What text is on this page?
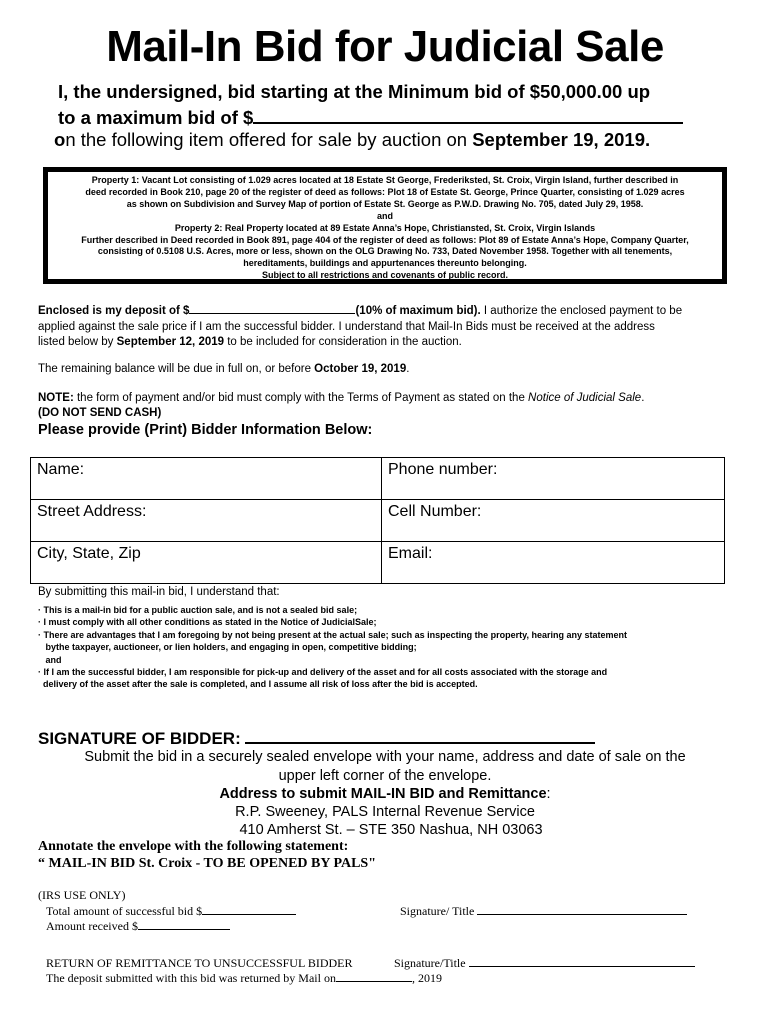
Mail-In Bid for Judicial Sale
I, the undersigned, bid starting at the Minimum bid of $50,000.00 up
to a maximum bid of $
on the following item offered for sale by auction on September 19, 2019.
Property 1: Vacant Lot consisting of 1.029 acres located at 18 Estate St George, Frederiksted, St. Croix, Virgin Island, further described in
deed recorded in Book 210, page 20 of the register of deed as follows: Plot 18 of Estate St. George, Prince Quarter, consisting of 1.029 acres
as shown on Subdivision and Survey Map of portion of Estate St. George as P.W.D. Drawing No. 705, dated July 29, 1958.
and
Property 2: Real Property located at 89 Estate Anna’s Hope, Christiansted, St. Croix, Virgin Islands
Further described in Deed recorded in Book 891, page 404 of the register of deed as follows: Plot 89 of Estate Anna’s Hope, Company Quarter,
consisting of 0.5108 U.S. Acres, more or less, shown on the OLG Drawing No. 733, Dated November 1958. Together with all tenements,
hereditaments, buildings and appurtenances thereunto belonging.
Subject to all restrictions and covenants of public record.
Enclosed is my deposit of $	(10% of maximum bid). I authorize the enclosed payment to be
applied against the sale price if I am the successful bidder. I understand that Mail-In Bids must be received at the address
listed below by September 12, 2019 to be included for consideration in the auction.
The remaining balance will be due in full on, or before October 19, 2019.
NOTE: the form of payment and/or bid must comply with the Terms of Payment as stated on the Notice of Judicial Sale.
(DO NOT SEND CASH)
Please provide (Print) Bidder Information Below:
Name:	Phone number:
Street Address:	Cell Number:
City, State, Zip	Email:
By submitting this mail-in bid, I understand that:
· This is a mail-in bid for a public auction sale, and is not a sealed bid sale;
· I must comply with all other conditions as stated in the Notice of JudicialSale;
· There are advantages that I am foregoing by not being present at the actual sale; such as inspecting the property, hearing any statement
bythe taxpayer, auctioneer, or lien holders, and engaging in open, competitive bidding;
and
· If I am the successful bidder, I am responsible for pick-up and delivery of the asset and for all costs associated with the storage and
delivery of the asset after the sale is completed, and I assume all risk of loss after the bid is accepted.
SIGNATURE OF BIDDER:
Submit the bid in a securely sealed envelope with your name, address and date of sale on the
upper left corner of the envelope.
Address to submit MAIL-IN BID and Remittance:
R.P. Sweeney, PALS Internal Revenue Service
410 Amherst St. – STE 350 Nashua, NH 03063
Annotate the envelope with the following statement:
“ MAIL-IN BID St. Croix - TO BE OPENED BY PALS"
(IRS USE ONLY)
Total amount of successful bid $
Amount received $
Signature/ Title
RETURN OF REMITTANCE TO UNSUCCESSFUL BIDDER	Signature/Title
The deposit submitted with this bid was returned by Mail on	, 2019
